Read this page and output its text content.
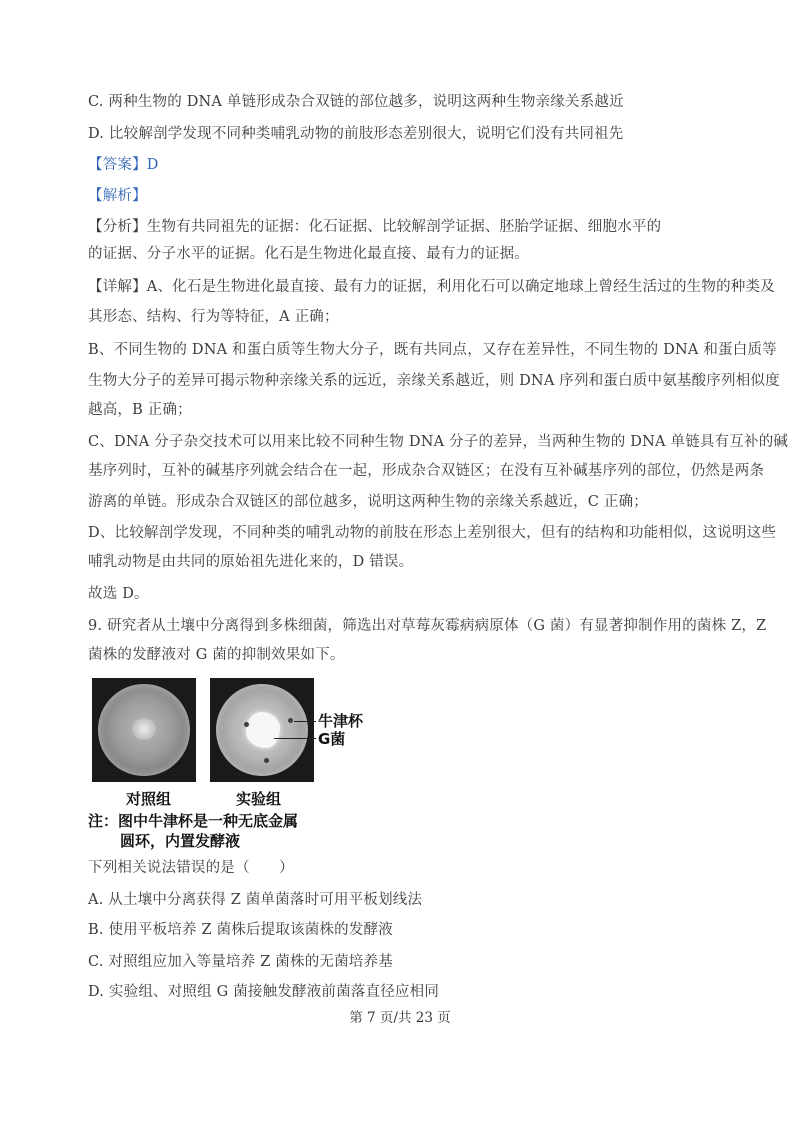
C. 两种生物的 DNA 单链形成杂合双链的部位越多，说明这两种生物亲缘关系越近
D. 比较解剖学发现不同种类哺乳动物的前肢形态差别很大，说明它们没有共同祖先
【答案】D
【解析】
【分析】生物有共同祖先的证据：化石证据、比较解剖学证据、胚胎学证据、细胞水平的
的证据、分子水平的证据。化石是生物进化最直接、最有力的证据。
【详解】A、化石是生物进化最直接、最有力的证据，利用化石可以确定地球上曾经生活过的生物的种类及
其形态、结构、行为等特征，A 正确；
B、不同生物的 DNA 和蛋白质等生物大分子，既有共同点，又存在差异性，不同生物的 DNA 和蛋白质等
生物大分子的差异可揭示物种亲缘关系的远近，亲缘关系越近，则 DNA 序列和蛋白质中氨基酸序列相似度
越高，B 正确；
C、DNA 分子杂交技术可以用来比较不同种生物 DNA 分子的差异，当两种生物的 DNA 单链具有互补的碱
基序列时，互补的碱基序列就会结合在一起，形成杂合双链区；在没有互补碱基序列的部位，仍然是两条
游离的单链。形成杂合双链区的部位越多，说明这两种生物的亲缘关系越近，C 正确；
D、比较解剖学发现，不同种类的哺乳动物的前肢在形态上差别很大，但有的结构和功能相似，这说明这些
哺乳动物是由共同的原始祖先进化来的，D 错误。
故选 D。
9. 研究者从土壤中分离得到多株细菌，筛选出对草莓灰霉病病原体（G 菌）有显著抑制作用的菌株 Z，Z
菌株的发酵液对 G 菌的抑制效果如下。
牛津杯
G菌
对照组	实验组
注：图中牛津杯是一种无底金属
圆环，内置发酵液
下列相关说法错误的是（　　）
A. 从土壤中分离获得 Z 菌单菌落时可用平板划线法
B. 使用平板培养 Z 菌株后提取该菌株的发酵液
C. 对照组应加入等量培养 Z 菌株的无菌培养基
D. 实验组、对照组 G 菌接触发酵液前菌落直径应相同
第 7 页/共 23 页
